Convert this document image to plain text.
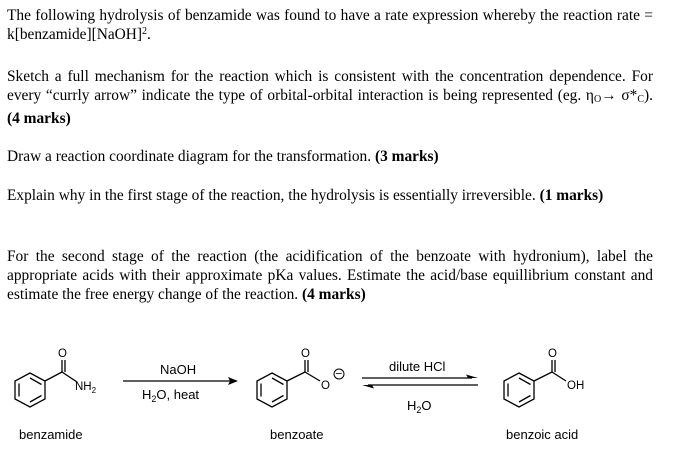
The following hydrolysis of benzamide was found to have a rate expression whereby the reaction rate = k[benzamide][NaOH]$^2$.

Sketch a full mechanism for the reaction which is consistent with the concentration dependence. For every “currly arrow” indicate the type of orbital-orbital interaction is being represented (eg. $\eta_O\to \sigma*_C$). (4 marks)

Draw a reaction coordinate diagram for the transformation. (3 marks)

Explain why in the first stage of the reaction, the hydrolysis is essentially irreversible. (1 marks)

For the second stage of the reaction (the acidification of the benzoate with hydronium), label the appropriate acids with their approximate pKa values. Estimate the acid/base equillibrium constant and estimate the free energy change of the reaction. (4 marks)

O
$NH_2$
NaOH
$H_2O$, heat
O
O
−
dilute HCl
$H_2O$
O
OH
benzamide	benzoate	benzoic acid
